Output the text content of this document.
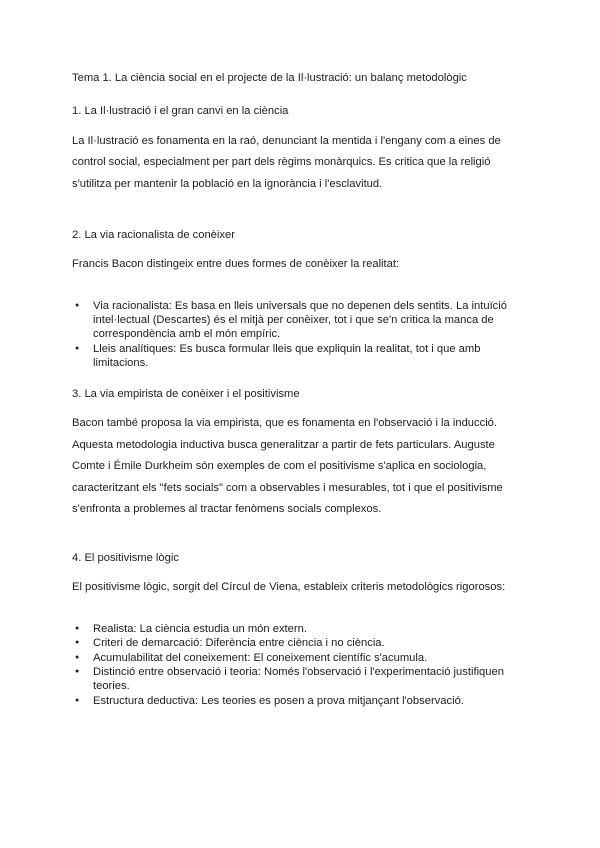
Tema 1. La ciència social en el projecte de la Il·lustració: un balanç metodològic
1. La Il·lustració i el gran canvi en la ciència

La Il·lustració es fonamenta en la raó, denunciant la mentida i l'engany com a eines de control social, especialment per part dels règims monàrquics. Es critica que la religió s'utilitza per mantenir la població en la ignorància i l'esclavitud.

2. La via racionalista de conèixer

Francis Bacon distingeix entre dues formes de conèixer la realitat:

● Via racionalista: Es basa en lleis universals que no depenen dels sentits. La intuïció intel·lectual (Descartes) és el mitjà per conèixer, tot i que se'n critica la manca de correspondència amb el món empíric.
● Lleis analítiques: Es busca formular lleis que expliquin la realitat, tot i que amb limitacions.
3. La via empirista de conèixer i el positivisme

Bacon també proposa la via empirista, que es fonamenta en l'observació i la inducció. Aquesta metodologia inductiva busca generalitzar a partir de fets particulars. Auguste Comte i Émile Durkheim són exemples de com el positivisme s'aplica en sociologia, caracteritzant els "fets socials" com a observables i mesurables, tot i que el positivisme s'enfronta a problemes al tractar fenòmens socials complexos.

4. El positivisme lògic

El positivisme lògic, sorgit del Círcul de Viena, estableix criteris metodològics rigorosos:

● Realista: La ciència estudia un món extern.
● Criteri de demarcació: Diferència entre ciència i no ciència.
● Acumulabilitat del coneixement: El coneixement científic s'acumula.
● Distinció entre observació i teoria: Només l'observació i l'experimentació justifiquen teories.
● Estructura deductiva: Les teories es posen a prova mitjançant l'observació.
